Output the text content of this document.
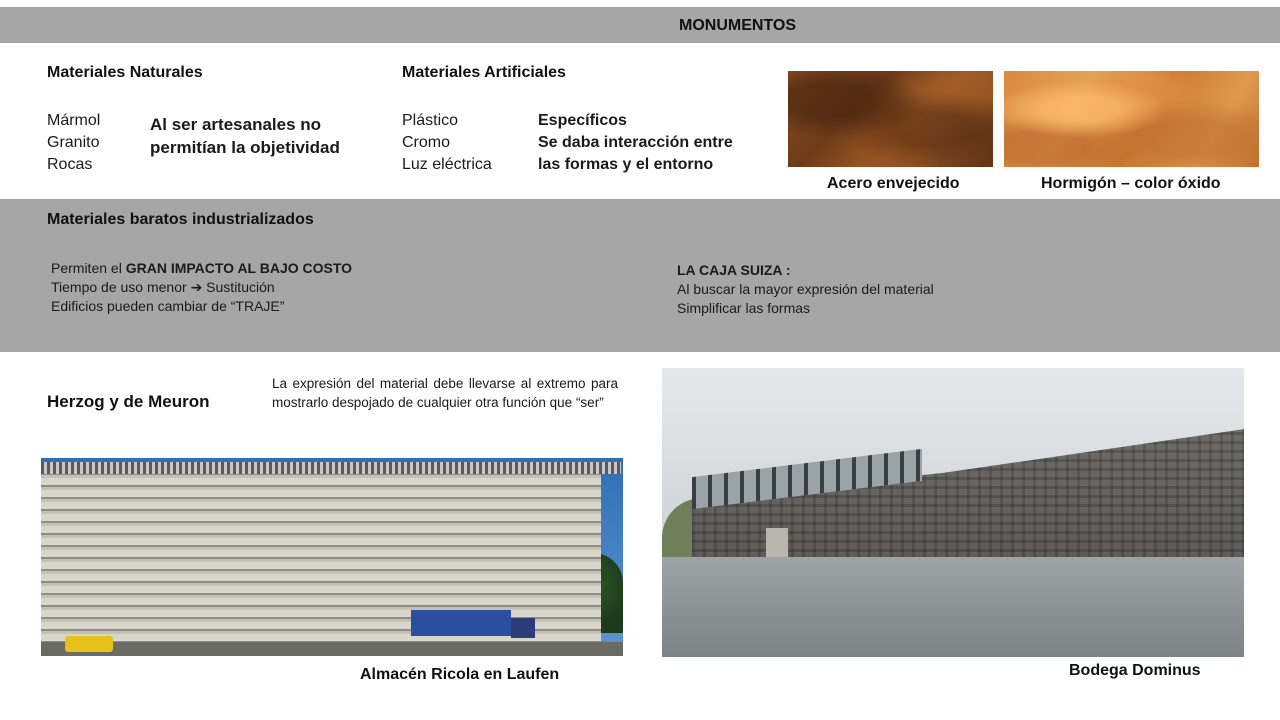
MONUMENTOS
Materiales Naturales
Mármol
Granito
Rocas
Al ser artesanales no
permitían la objetividad
Materiales Artificiales
Plástico
Cromo
Luz eléctrica
Específicos
Se daba interacción entre
las formas y el entorno
Acero envejecido	Hormigón – color óxido
Materiales baratos industrializados
Permiten el GRAN IMPACTO AL BAJO COSTO
Tiempo de uso menor ➔ Sustitución
Edificios pueden cambiar de “TRAJE”
LA CAJA SUIZA :
Al buscar la mayor expresión del material
Simplificar las formas
Herzog y de Meuron
La expresión del material debe llevarse al extremo para mostrarlo despojado de cualquier otra función que “ser”
Almacén Ricola en Laufen	Bodega Dominus
